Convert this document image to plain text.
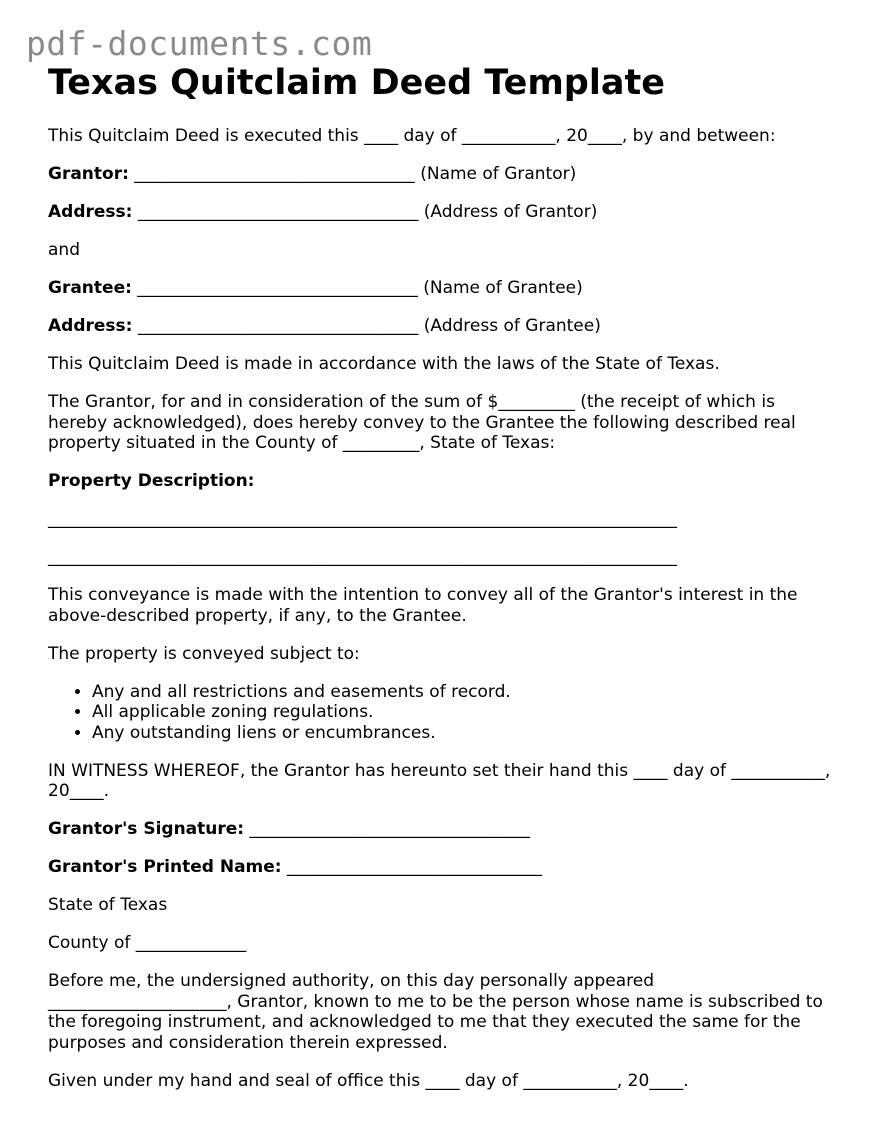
pdf-documents.com
Texas Quitclaim Deed Template

This Quitclaim Deed is executed this ____ day of ___________, 20____, by and between:

Grantor: _________________________________ (Name of Grantor)

Address: _________________________________ (Address of Grantor)

and

Grantee: _________________________________ (Name of Grantee)

Address: _________________________________ (Address of Grantee)

This Quitclaim Deed is made in accordance with the laws of the State of Texas.

The Grantor, for and in consideration of the sum of $_________ (the receipt of which is hereby acknowledged), does hereby convey to the Grantee the following described real property situated in the County of _________, State of Texas:

Property Description:

__________________________________________________________________________

__________________________________________________________________________

This conveyance is made with the intention to convey all of the Grantor's interest in the above-described property, if any, to the Grantee.

The property is conveyed subject to:

• Any and all restrictions and easements of record.
• All applicable zoning regulations.
• Any outstanding liens or encumbrances.

IN WITNESS WHEREOF, the Grantor has hereunto set their hand this ____ day of ___________, 20____.

Grantor's Signature: _________________________________

Grantor's Printed Name: ______________________________

State of Texas

County of _____________

Before me, the undersigned authority, on this day personally appeared _____________________, Grantor, known to me to be the person whose name is subscribed to the foregoing instrument, and acknowledged to me that they executed the same for the purposes and consideration therein expressed.

Given under my hand and seal of office this ____ day of ___________, 20____.
